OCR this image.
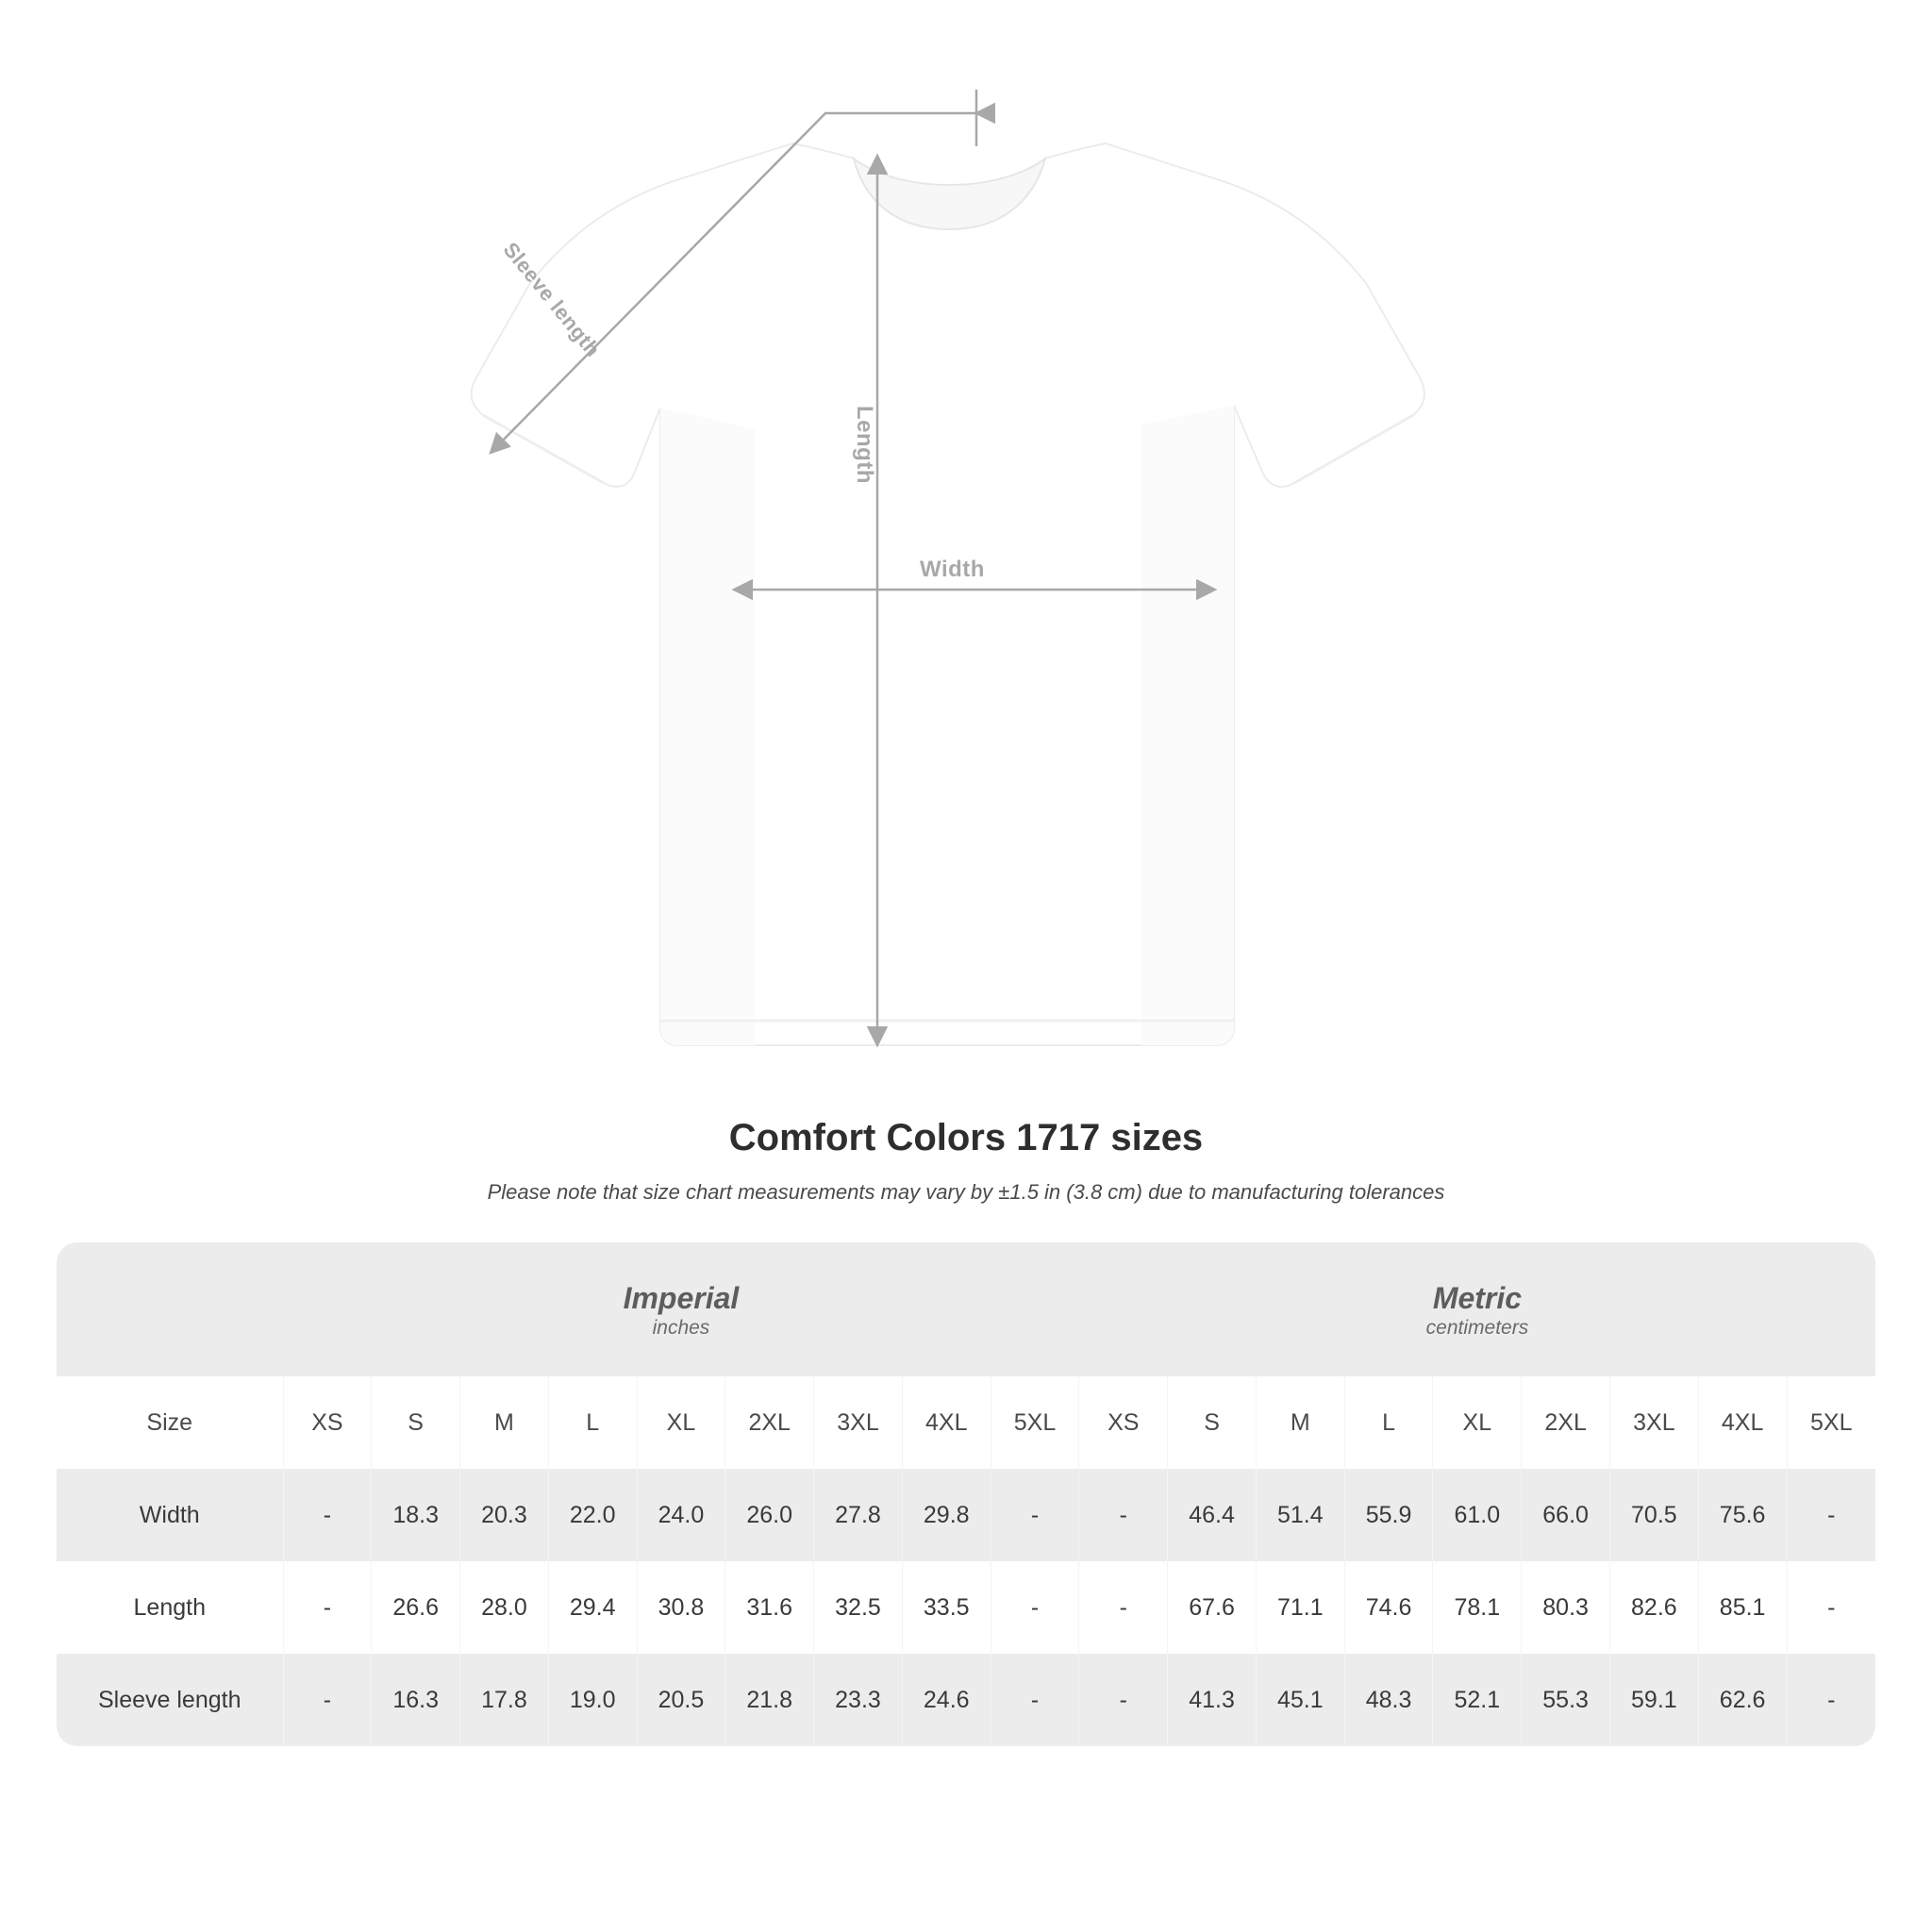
Width
Length
Sleeve length
Comfort Colors 1717 sizes
Please note that size chart measurements may vary by ±1.5 in (3.8 cm) due to manufacturing tolerances

Imperial
inches

Metric
centimeters

Size	XS	S	M	L	XL	2XL	3XL	4XL	5XL	XS	S	M	L	XL	2XL	3XL	4XL	5XL
Width	-	18.3	20.3	22.0	24.0	26.0	27.8	29.8	-	-	46.4	51.4	55.9	61.0	66.0	70.5	75.6	-
Length	-	26.6	28.0	29.4	30.8	31.6	32.5	33.5	-	-	67.6	71.1	74.6	78.1	80.3	82.6	85.1	-
Sleeve length	-	16.3	17.8	19.0	20.5	21.8	23.3	24.6	-	-	41.3	45.1	48.3	52.1	55.3	59.1	62.6	-
